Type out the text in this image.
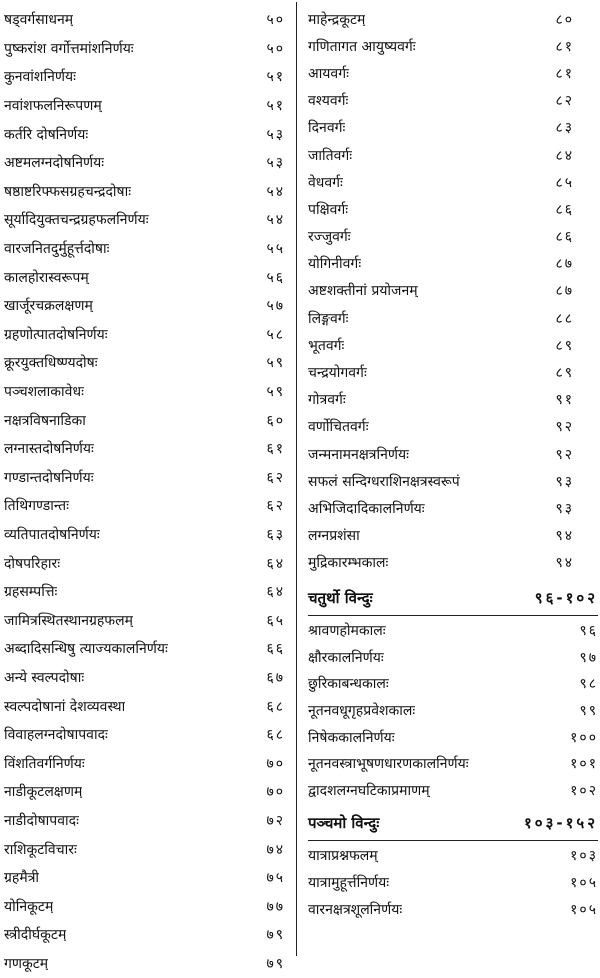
षड्वर्गसाधनम्	५०
पुष्करांश वर्गोत्तमांशनिर्णयः	५०
कुनवांशनिर्णयः	५१
नवांशफलनिरूपणम्	५१
कर्तरि दोषनिर्णयः	५३
अष्टमलग्नदोषनिर्णयः	५३
षष्ठाष्टरिफ्फसग्रहचन्द्रदोषाः	५४
सूर्यादियुक्तचन्द्रग्रहफलनिर्णयः	५४
वारजनितदुर्मुहूर्त्तदोषाः	५५
कालहोरास्वरूपम्	५६
खार्जूरचक्रलक्षणम्	५७
ग्रहणोत्पातदोषनिर्णयः	५८
क्रूरयुक्तधिष्ण्यदोषः	५९
पञ्चशलाकावेधः	५९
नक्षत्रविषनाडिका	६०
लग्नास्तदोषनिर्णयः	६१
गण्डान्तदोषनिर्णयः	६२
तिथिगण्डान्तः	६२
व्यतिपातदोषनिर्णयः	६३
दोषपरिहारः	६४
ग्रहसम्पत्तिः	६४
जामित्रस्थितस्थानग्रहफलम्	६५
अब्दादिसन्धिषु त्याज्यकालनिर्णयः	६६
अन्ये स्वल्पदोषाः	६७
स्वल्पदोषानां देशव्यवस्था	६८
विवाहलग्नदोषापवादः	६८
विंशतिवर्गनिर्णयः	७०
नाडीकूटलक्षणम्	७०
नाडीदोषापवादः	७२
राशिकूटविचारः	७४
ग्रहमैत्री	७५
योनिकूटम्	७७
स्त्रीदीर्घकूटम्	७९
गणकूटम्	७९
माहेन्द्रकूटम्	८०
गणितागत आयुष्यवर्गः	८१
आयवर्गः	८१
वश्यवर्गः	८२
दिनवर्गः	८३
जातिवर्गः	८४
वेधवर्गः	८५
पक्षिवर्गः	८६
रज्जुवर्गः	८६
योगिनीवर्गः	८७
अष्टशक्तीनां प्रयोजनम्	८७
लिङ्गवर्गः	८८
भूतवर्गः	८९
चन्द्रयोगवर्गः	८९
गोत्रवर्गः	९१
वर्णोचितवर्गः	९२
जन्मनामनक्षत्रनिर्णयः	९२
सफलं सन्दिग्धराशिनक्षत्रस्वरूपं	९३
अभिजिदादिकालनिर्णयः	९३
लग्नप्रशंसा	९४
मुद्रिकारम्भकालः	९४
चतुर्थो विन्दुः	९६-१०२
श्रावणहोमकालः	९६
क्षौरकालनिर्णयः	९७
छुरिकाबन्धकालः	९८
नूतनवधूगृहप्रवेशकालः	९९
निषेककालनिर्णयः	१००
नूतनवस्त्राभूषणधारणकालनिर्णयः	१०१
द्वादशलग्नघटिकाप्रमाणम्	१०२
पञ्चमो विन्दुः	१०३-१५२
यात्राप्रश्नफलम्	१०३
यात्रामुहूर्त्तनिर्णयः	१०५
वारनक्षत्रशूलनिर्णयः	१०५
